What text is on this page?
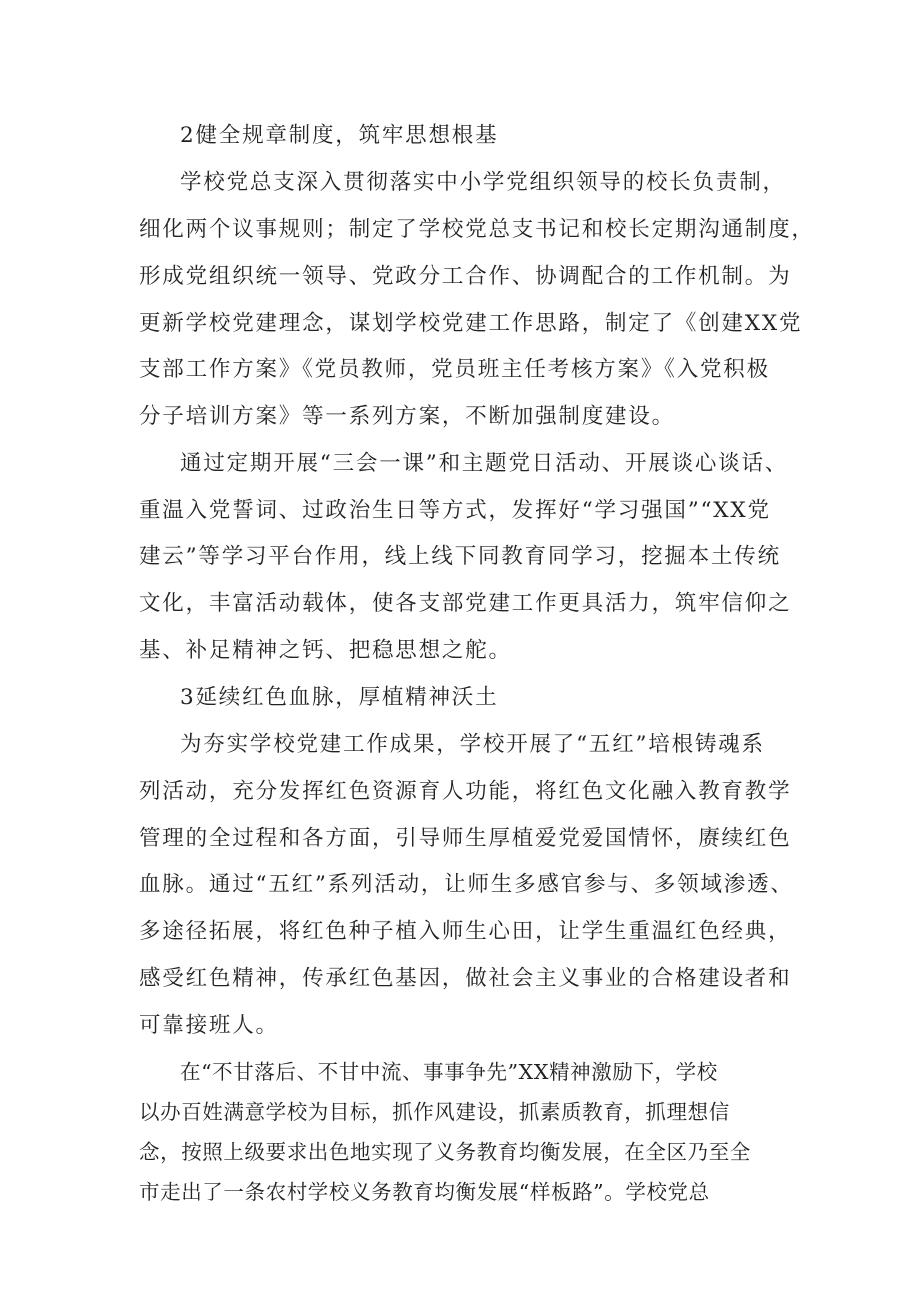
2健全规章制度，筑牢思想根基
学校党总支深入贯彻落实中小学党组织领导的校长负责制，
细化两个议事规则；制定了学校党总支书记和校长定期沟通制度，
形成党组织统一领导、党政分工合作、协调配合的工作机制。为
更新学校党建理念，谋划学校党建工作思路，制定了《创建XX党
支部工作方案》《党员教师，党员班主任考核方案》《入党积极
分子培训方案》等一系列方案，不断加强制度建设。
通过定期开展“三会一课”和主题党日活动、开展谈心谈话、
重温入党誓词、过政治生日等方式，发挥好“学习强国”“XX党
建云”等学习平台作用，线上线下同教育同学习，挖掘本土传统
文化，丰富活动载体，使各支部党建工作更具活力，筑牢信仰之
基、补足精神之钙、把稳思想之舵。
3延续红色血脉，厚植精神沃土
为夯实学校党建工作成果，学校开展了“五红”培根铸魂系
列活动，充分发挥红色资源育人功能，将红色文化融入教育教学
管理的全过程和各方面，引导师生厚植爱党爱国情怀，赓续红色
血脉。通过“五红”系列活动，让师生多感官参与、多领域渗透、
多途径拓展，将红色种子植入师生心田，让学生重温红色经典，
感受红色精神，传承红色基因，做社会主义事业的合格建设者和
可靠接班人。
在“不甘落后、不甘中流、事事争先”XX精神激励下，学校
以办百姓满意学校为目标，抓作风建设，抓素质教育，抓理想信
念，按照上级要求出色地实现了义务教育均衡发展，在全区乃至全
市走出了一条农村学校义务教育均衡发展“样板路”。学校党总
